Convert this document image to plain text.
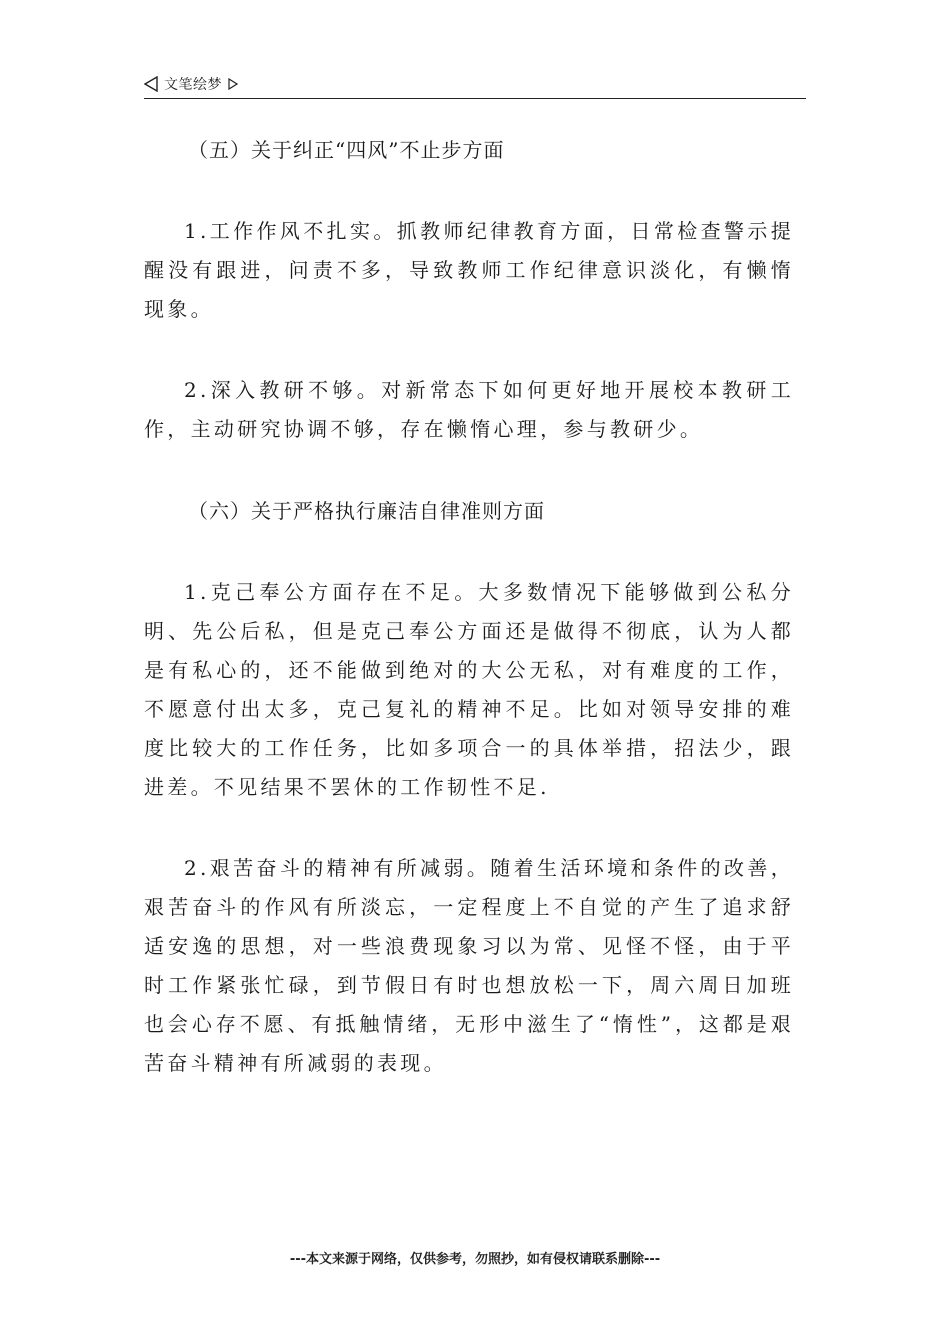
文笔绘梦

（五）关于纠正“四风”不止步方面

1.工作作风不扎实。抓教师纪律教育方面，日常检查警示提醒没有跟进，问责不多，导致教师工作纪律意识淡化，有懒惰现象。

2.深入教研不够。对新常态下如何更好地开展校本教研工作，主动研究协调不够，存在懒惰心理，参与教研少。

（六）关于严格执行廉洁自律准则方面

1.克己奉公方面存在不足。大多数情况下能够做到公私分明、先公后私，但是克己奉公方面还是做得不彻底，认为人都是有私心的，还不能做到绝对的大公无私，对有难度的工作，不愿意付出太多，克己复礼的精神不足。比如对领导安排的难度比较大的工作任务，比如多项合一的具体举措，招法少，跟进差。不见结果不罢休的工作韧性不足.

2.艰苦奋斗的精神有所减弱。随着生活环境和条件的改善，艰苦奋斗的作风有所淡忘，一定程度上不自觉的产生了追求舒适安逸的思想，对一些浪费现象习以为常、见怪不怪，由于平时工作紧张忙碌，到节假日有时也想放松一下，周六周日加班也会心存不愿、有抵触情绪，无形中滋生了“惰性”，这都是艰苦奋斗精神有所减弱的表现。

---本文来源于网络，仅供参考，勿照抄，如有侵权请联系删除---
